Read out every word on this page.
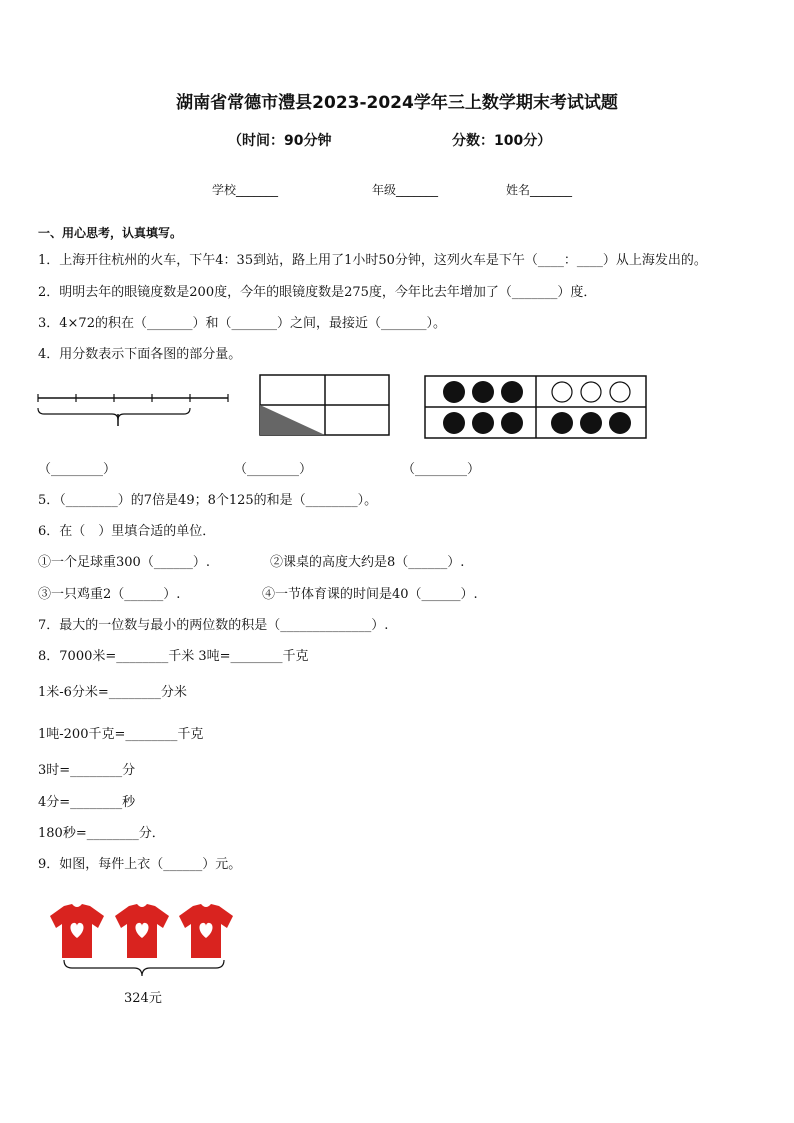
湖南省常德市澧县2023-2024学年三上数学期末考试试题
（时间：90分钟	分数：100分）
学校_______	年级_______	姓名_______
一、用心思考，认真填写。
1．上海开往杭州的火车，下午4：35到站，路上用了1小时50分钟，这列火车是下午（____：____）从上海发出的。
2．明明去年的眼镜度数是200度，今年的眼镜度数是275度，今年比去年增加了（_______）度．
3．4×72的积在（_______）和（_______）之间，最接近（_______）。
4．用分数表示下面各图的部分量。
（________）	（________）	（________）
5．（________）的7倍是49；8个125的和是（________）。
6．在（　）里填合适的单位．
①一个足球重300（______）.	②课桌的高度大约是8（______）.
③一只鸡重2（______）.	④一节体育课的时间是40（______）.
7．最大的一位数与最小的两位数的积是（______________）.
8．7000米=________千米 3吨=________千克
1米-6分米=________分米
1吨-200千克=________千克
3时=________分
4分=________秒
180秒=________分．
9．如图，每件上衣（______）元。
324元
